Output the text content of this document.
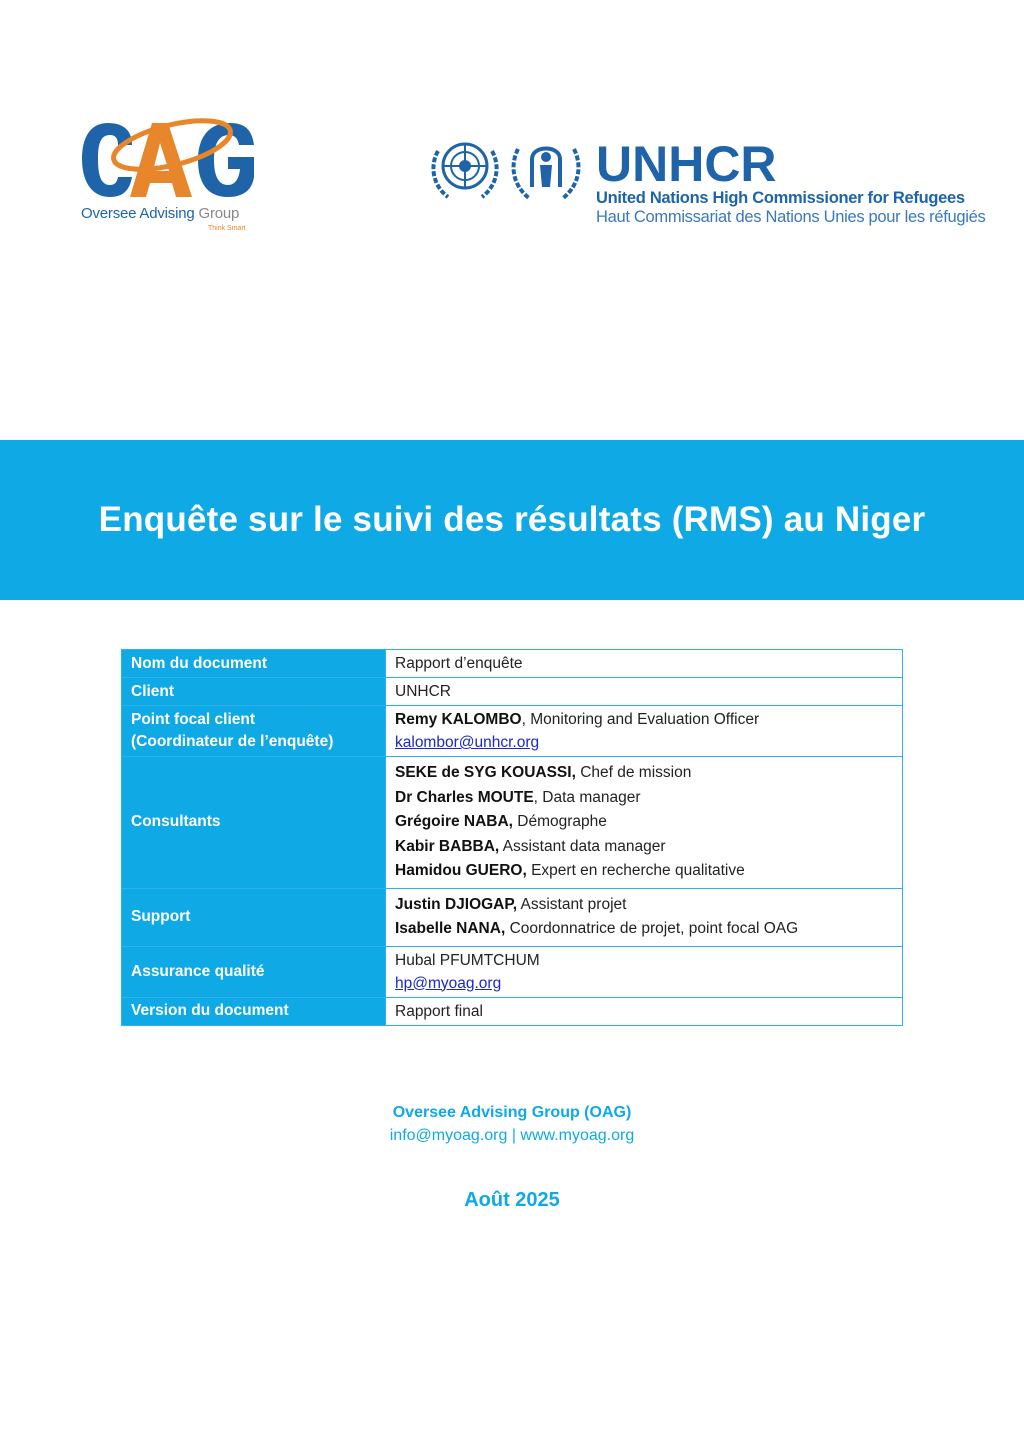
Oversee Advising Group
Think Smart
UNHCR
United Nations High Commissioner for Refugees
Haut Commissariat des Nations Unies pour les réfugiés
Enquête sur le suivi des résultats (RMS) au Niger
Nom du document	Rapport d’enquête
Client	UNHCR

Point focal client
(Coordinateur de l’enquête)	Remy KALOMBO, Monitoring and Evaluation Officer
kalombor@unhcr.org

Consultants	SEKE de SYG KOUASSI, Chef de mission
Dr Charles MOUTE, Data manager
Grégoire NABA, Démographe
Kabir BABBA, Assistant data manager
Hamidou GUERO, Expert en recherche qualitative

Support	Justin DJIOGAP, Assistant projet
Isabelle NANA, Coordonnatrice de projet, point focal OAG

Assurance qualité	Hubal PFUMTCHUM
hp@myoag.org

Version du document	Rapport final
Oversee Advising Group (OAG)
info@myoag.org | www.myoag.org
Août 2025
